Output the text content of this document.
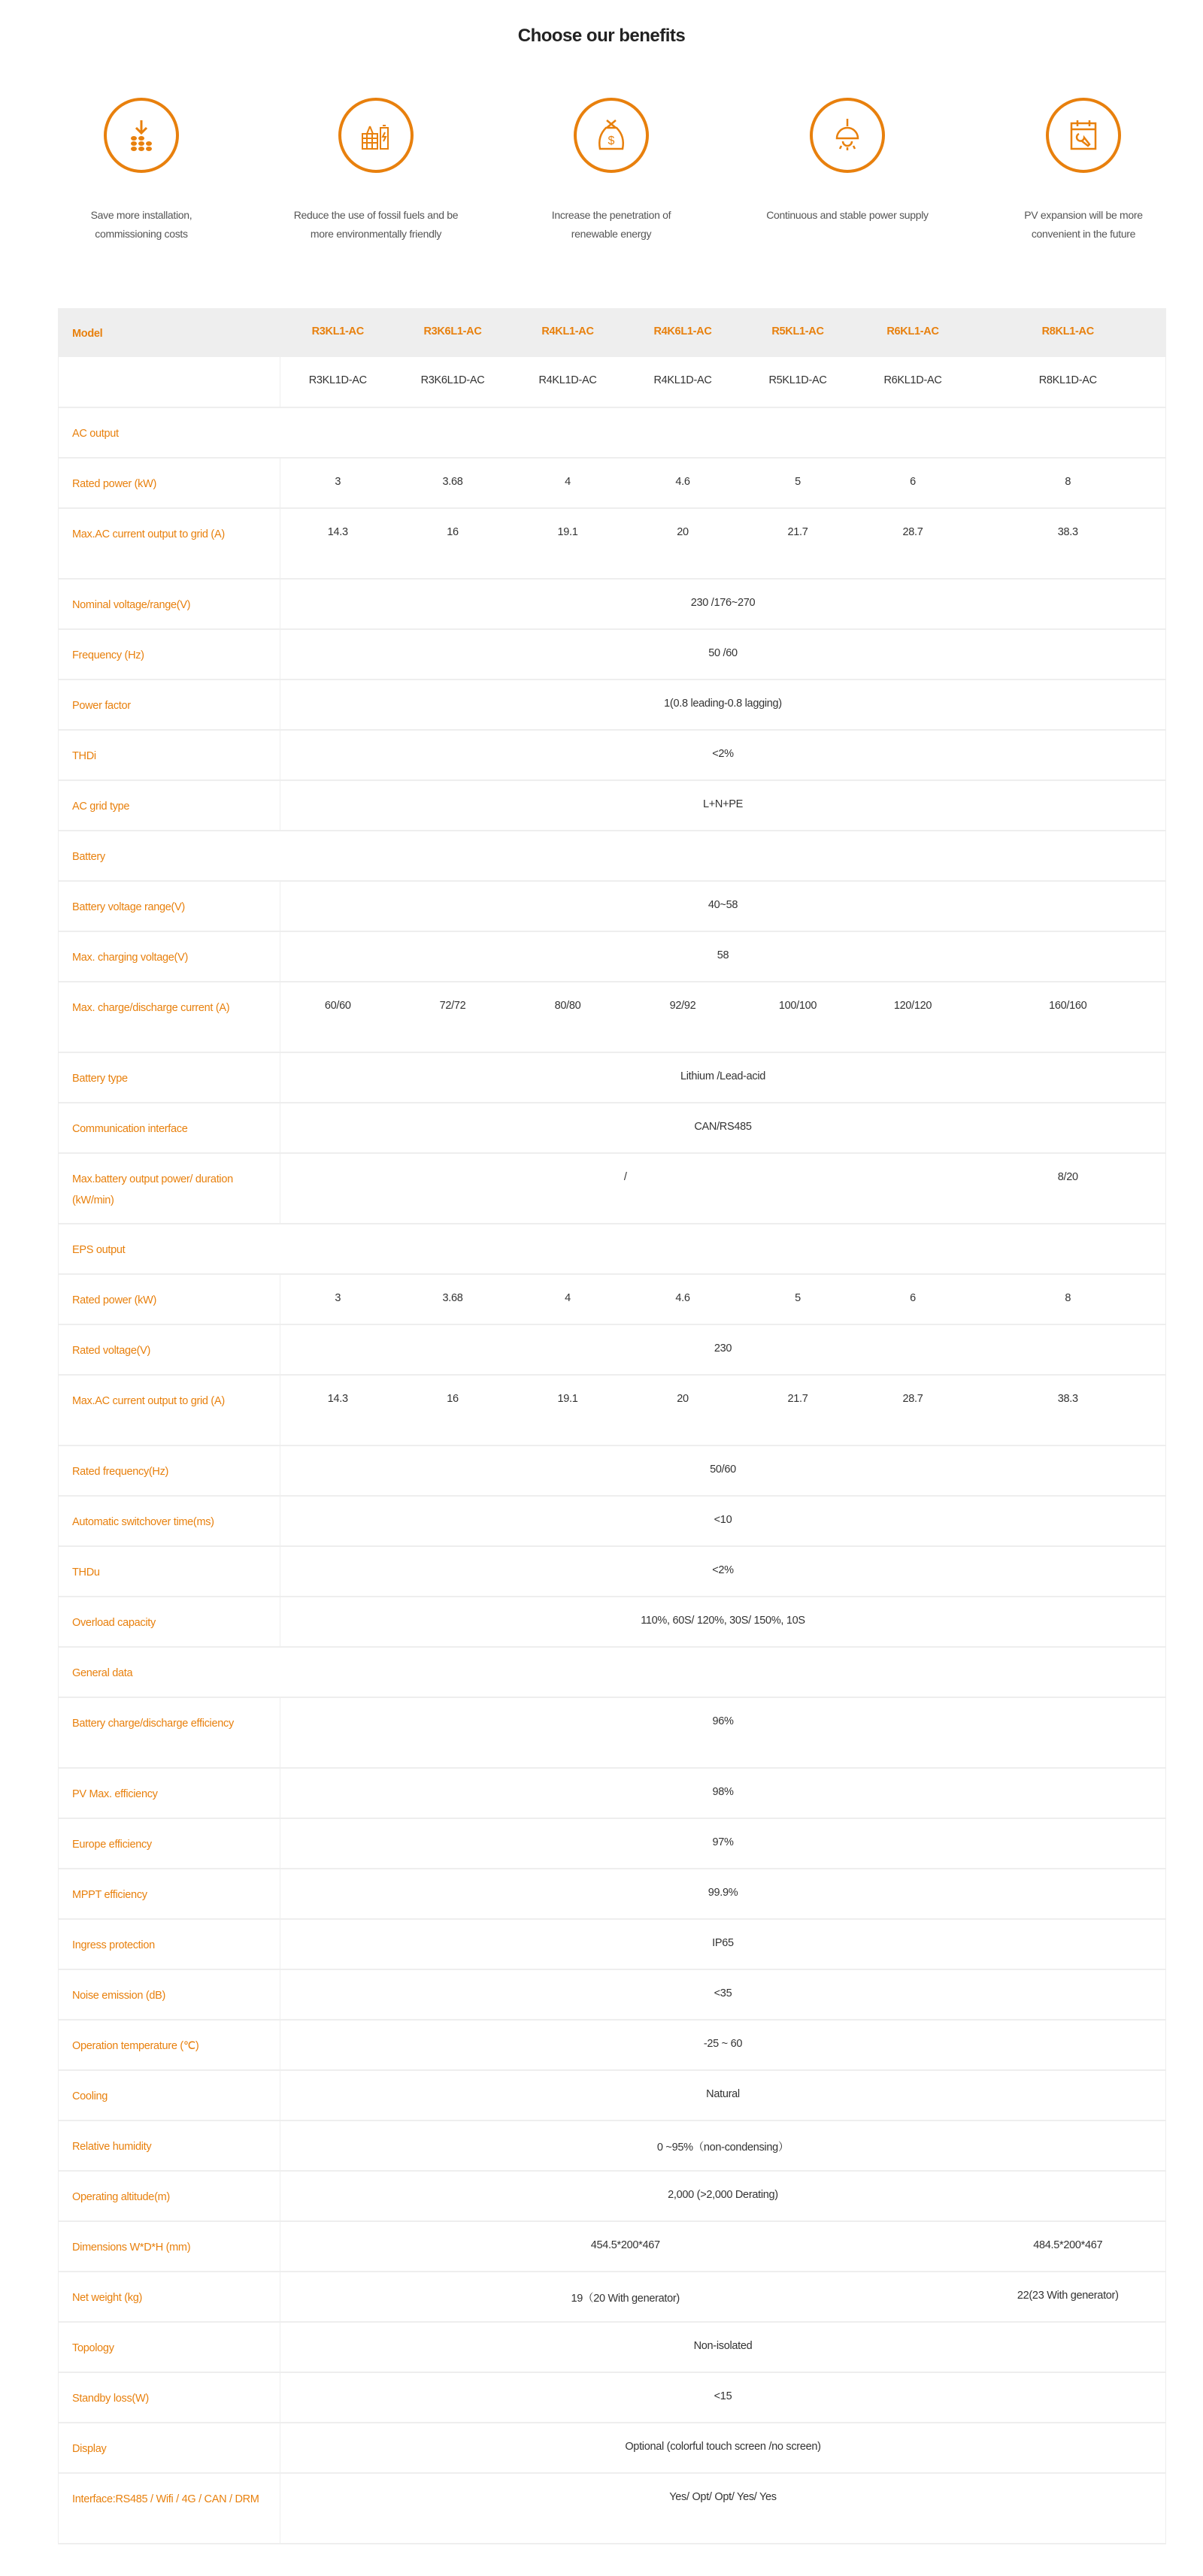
Choose our benefits
Save more installation, commissioning costs
Reduce the use of fossil fuels and be more environmentally friendly
$
Increase the penetration of renewable energy
Continuous and stable power supply	PV expansion will be more convenient in the future
Model	R3KL1-AC	R3K6L1-AC	R4KL1-AC	R4K6L1-AC	R5KL1-AC	R6KL1-AC	R8KL1-AC
	R3KL1D-AC	R3K6L1D-AC	R4KL1D-AC	R4KL1D-AC	R5KL1D-AC	R6KL1D-AC	R8KL1D-AC
AC output							
Rated power (kW)	3	3.68	4	4.6	5	6	8
Max.AC current output to grid (A)	14.3	16	19.1	20	21.7	28.7	38.3
Nominal voltage/range(V)	230 /176~270						
Frequency (Hz)	50 /60						
Power factor	1(0.8 leading-0.8 lagging)						
THDi	<2%						
AC grid type	L+N+PE						
Battery							
Battery voltage range(V)	40~58						
Max. charging voltage(V)	58						
Max. charge/discharge current (A)	60/60	72/72	80/80	92/92	100/100	120/120	160/160
Battery type	Lithium /Lead-acid						
Communication interface	CAN/RS485						
Max.battery output power/ duration (kW/min)	/						8/20
EPS output							
Rated power (kW)	3	3.68	4	4.6	5	6	8
Rated voltage(V)	230						
Max.AC current output to grid (A)	14.3	16	19.1	20	21.7	28.7	38.3
Rated frequency(Hz)	50/60						
Automatic switchover time(ms)	<10						
THDu	<2%						
Overload capacity	110%, 60S/ 120%, 30S/ 150%, 10S						
General data							
Battery charge/discharge efficiency	96%						
PV Max. efficiency	98%						
Europe efficiency	97%						
MPPT efficiency	99.9%						
Ingress protection	IP65						
Noise emission (dB)	<35						
Operation temperature (℃)	-25 ~ 60						
Cooling	Natural						
Relative humidity	0 ~95%（non-condensing）						
Operating altitude(m)	2,000 (>2,000 Derating)						
Dimensions W*D*H (mm)	454.5*200*467						484.5*200*467
Net weight (kg)	19（20 With generator)						22(23 With generator)
Topology	Non-isolated						
Standby loss(W)	<15						
Display	Optional (colorful touch screen /no screen)						
Interface:RS485 / Wifi / 4G / CAN / DRM	Yes/ Opt/ Opt/ Yes/ Yes						
